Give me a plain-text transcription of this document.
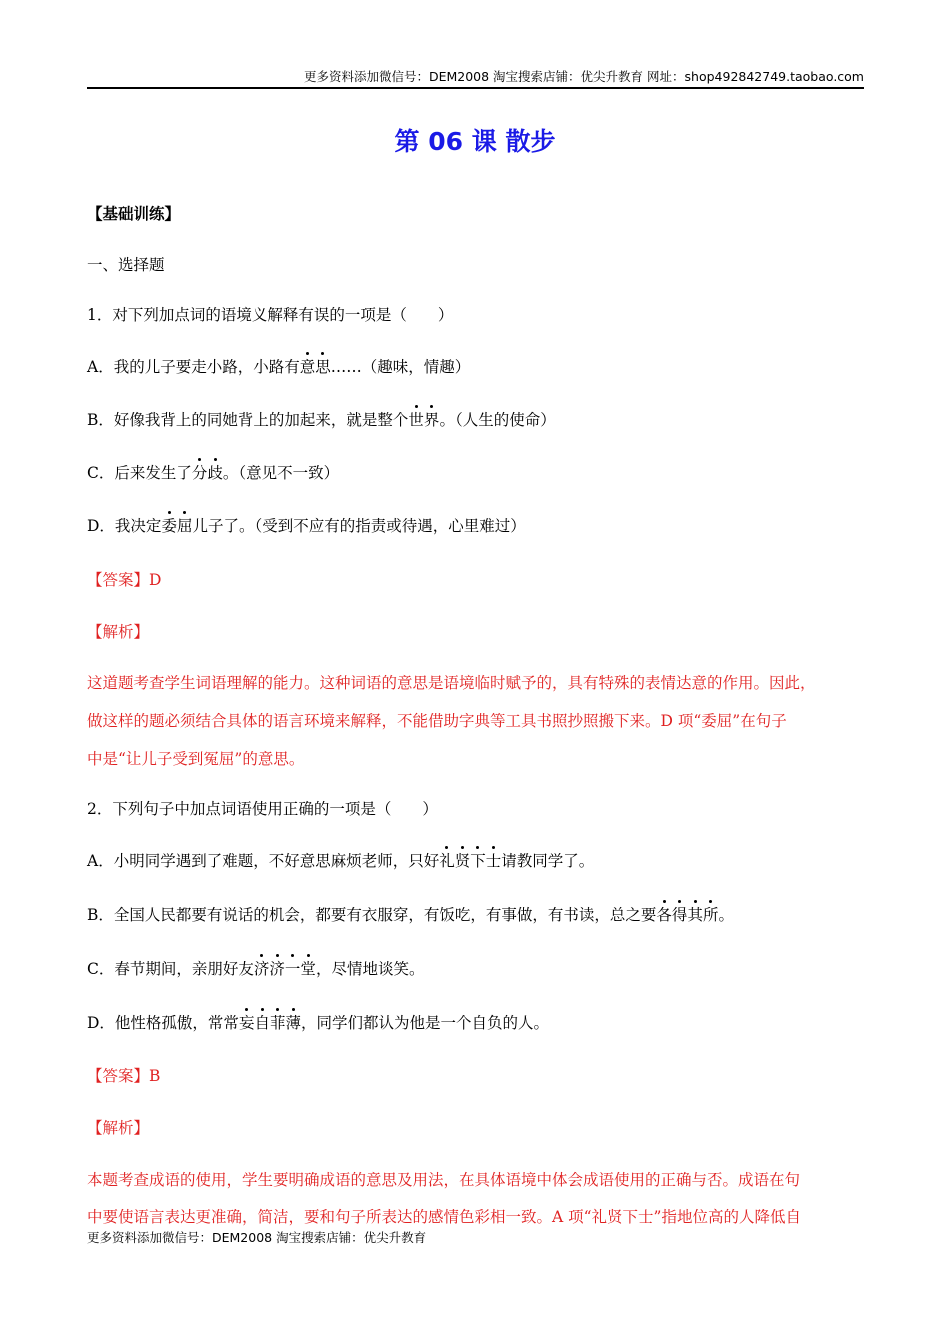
更多资料添加微信号：DEM2008 淘宝搜索店铺：优尖升教育 网址：shop492842749.taobao.com
第 06 课 散步
【基础训练】
一、选择题
1．对下列加点词的语境义解释有误的一项是（　　）
A．我的儿子要走小路，小路有意思……（趣味，情趣）
B．好像我背上的同她背上的加起来，就是整个世界。（人生的使命）
C．后来发生了分歧。（意见不一致）
D．我决定委屈儿子了。（受到不应有的指责或待遇，心里难过）
【答案】D
【解析】
这道题考查学生词语理解的能力。这种词语的意思是语境临时赋予的，具有特殊的表情达意的作用。因此，
做这样的题必须结合具体的语言环境来解释，不能借助字典等工具书照抄照搬下来。D 项“委屈”在句子
中是“让儿子受到冤屈”的意思。
2．下列句子中加点词语使用正确的一项是（　　）
A．小明同学遇到了难题，不好意思麻烦老师，只好礼贤下士请教同学了。
B．全国人民都要有说话的机会，都要有衣服穿，有饭吃，有事做，有书读，总之要各得其所。
C．春节期间，亲朋好友济济一堂，尽情地谈笑。
D．他性格孤傲，常常妄自菲薄，同学们都认为他是一个自负的人。
【答案】B
【解析】
本题考查成语的使用，学生要明确成语的意思及用法，在具体语境中体会成语使用的正确与否。成语在句
中要使语言表达更准确，简洁，要和句子所表达的感情色彩相一致。A 项“礼贤下士”指地位高的人降低自
更多资料添加微信号：DEM2008 淘宝搜索店铺：优尖升教育
